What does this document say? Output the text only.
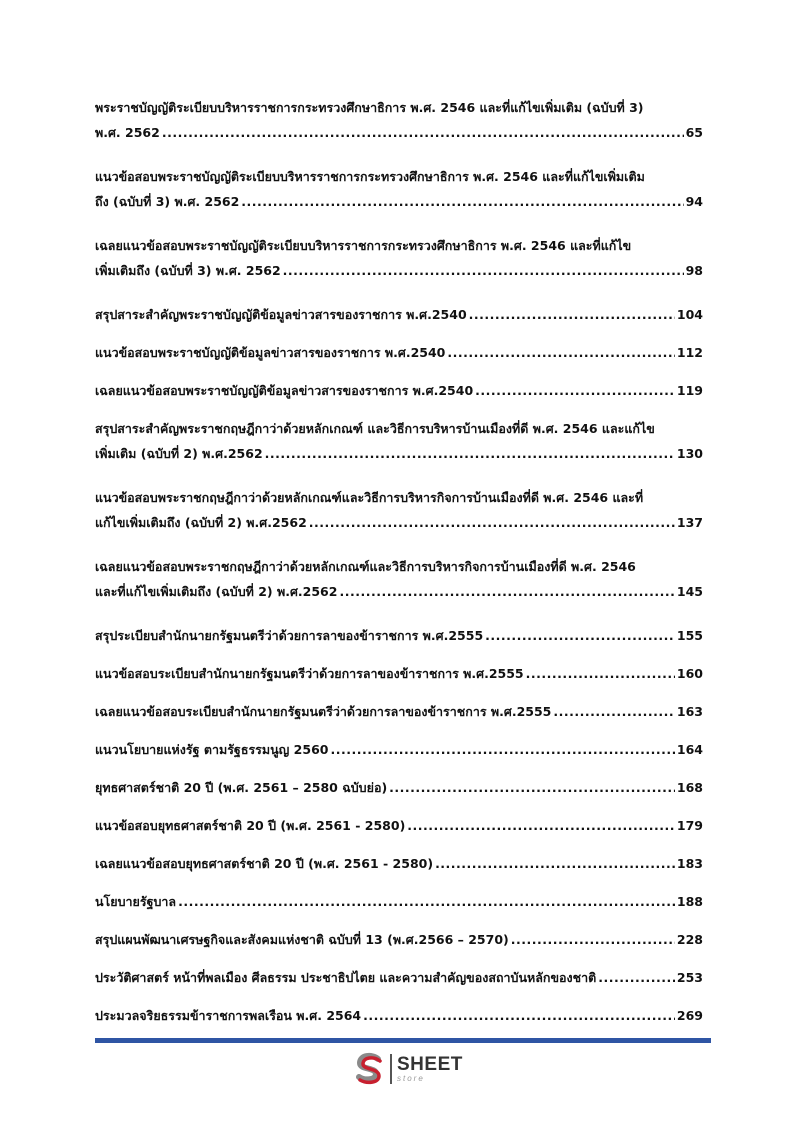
พระราชบัญญัติระเบียบบริหารราชการกระทรวงศึกษาธิการ พ.ศ. 2546 และที่แก้ไขเพิ่มเติม (ฉบับที่ 3)
พ.ศ. 2562 .....	65
แนวข้อสอบพระราชบัญญัติระเบียบบริหารราชการกระทรวงศึกษาธิการ พ.ศ. 2546 และที่แก้ไขเพิ่มเติม
ถึง (ฉบับที่ 3) พ.ศ. 2562 .....	94
เฉลยแนวข้อสอบพระราชบัญญัติระเบียบบริหารราชการกระทรวงศึกษาธิการ พ.ศ. 2546 และที่แก้ไข
เพิ่มเติมถึง (ฉบับที่ 3) พ.ศ. 2562 .....	98
สรุปสาระสำคัญพระราชบัญญัติข้อมูลข่าวสารของราชการ พ.ศ.2540 .....	104
แนวข้อสอบพระราชบัญญัติข้อมูลข่าวสารของราชการ พ.ศ.2540 .....	112
เฉลยแนวข้อสอบพระราชบัญญัติข้อมูลข่าวสารของราชการ พ.ศ.2540 .....	119
สรุปสาระสำคัญพระราชกฤษฎีกาว่าด้วยหลักเกณฑ์ และวิธีการบริหารบ้านเมืองที่ดี พ.ศ. 2546 และแก้ไข
เพิ่มเติม (ฉบับที่ 2) พ.ศ.2562 .....	130
แนวข้อสอบพระราชกฤษฎีกาว่าด้วยหลักเกณฑ์และวิธีการบริหารกิจการบ้านเมืองที่ดี พ.ศ. 2546 และที่
แก้ไขเพิ่มเติมถึง (ฉบับที่ 2) พ.ศ.2562 .....	137
เฉลยแนวข้อสอบพระราชกฤษฎีกาว่าด้วยหลักเกณฑ์และวิธีการบริหารกิจการบ้านเมืองที่ดี พ.ศ. 2546
และที่แก้ไขเพิ่มเติมถึง (ฉบับที่ 2) พ.ศ.2562 .....	145
สรุประเบียบสำนักนายกรัฐมนตรีว่าด้วยการลาของข้าราชการ พ.ศ.2555 .....	155
แนวข้อสอบระเบียบสำนักนายกรัฐมนตรีว่าด้วยการลาของข้าราชการ พ.ศ.2555 .....	160
เฉลยแนวข้อสอบระเบียบสำนักนายกรัฐมนตรีว่าด้วยการลาของข้าราชการ พ.ศ.2555 .....	163
แนวนโยบายแห่งรัฐ ตามรัฐธรรมนูญ 2560 .....	164
ยุทธศาสตร์ชาติ 20 ปี (พ.ศ. 2561 – 2580 ฉบับย่อ) .....	168
แนวข้อสอบยุทธศาสตร์ชาติ 20 ปี (พ.ศ. 2561 - 2580) .....	179
เฉลยแนวข้อสอบยุทธศาสตร์ชาติ 20 ปี (พ.ศ. 2561 - 2580) .....	183
นโยบายรัฐบาล .....	188
สรุปแผนพัฒนาเศรษฐกิจและสังคมแห่งชาติ ฉบับที่ 13 (พ.ศ.2566 – 2570) .....	228
ประวัติศาสตร์ หน้าที่พลเมือง ศีลธรรม ประชาธิปไตย และความสำคัญของสถาบันหลักของชาติ .....	253
ประมวลจริยธรรมข้าราชการพลเรือน พ.ศ. 2564 .....	269
SHEET
store
